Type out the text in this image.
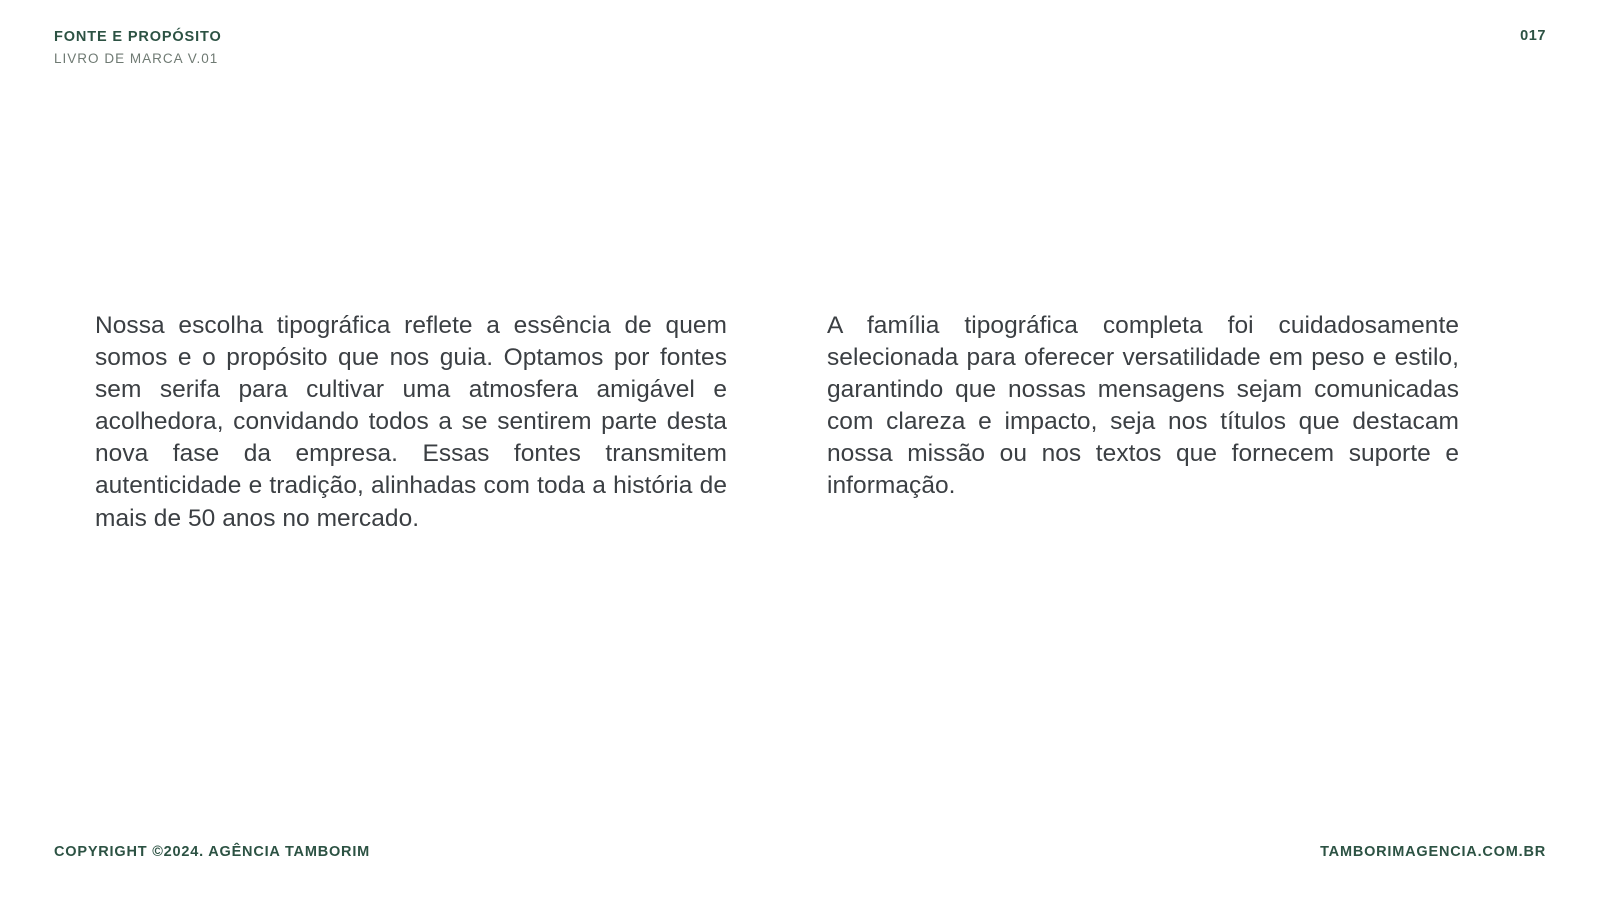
FONTE E PROPÓSITO
LIVRO DE MARCA V.01
017

Nossa escolha tipográfica reflete a essência de quem somos e o propósito que nos guia. Optamos por fontes sem serifa para cultivar uma atmosfera amigável e acolhedora, convidando todos a se sentirem parte desta nova fase da empresa. Essas fontes transmitem autenticidade e tradição, alinhadas com toda a história de mais de 50 anos no mercado.

A família tipográfica completa foi cuidadosamente selecionada para oferecer versatilidade em peso e estilo, garantindo que nossas mensagens sejam comunicadas com clareza e impacto, seja nos títulos que destacam nossa missão ou nos textos que fornecem suporte e informação.

COPYRIGHT ©2024. AGÊNCIA TAMBORIM	TAMBORIMAGENCIA.COM.BR
